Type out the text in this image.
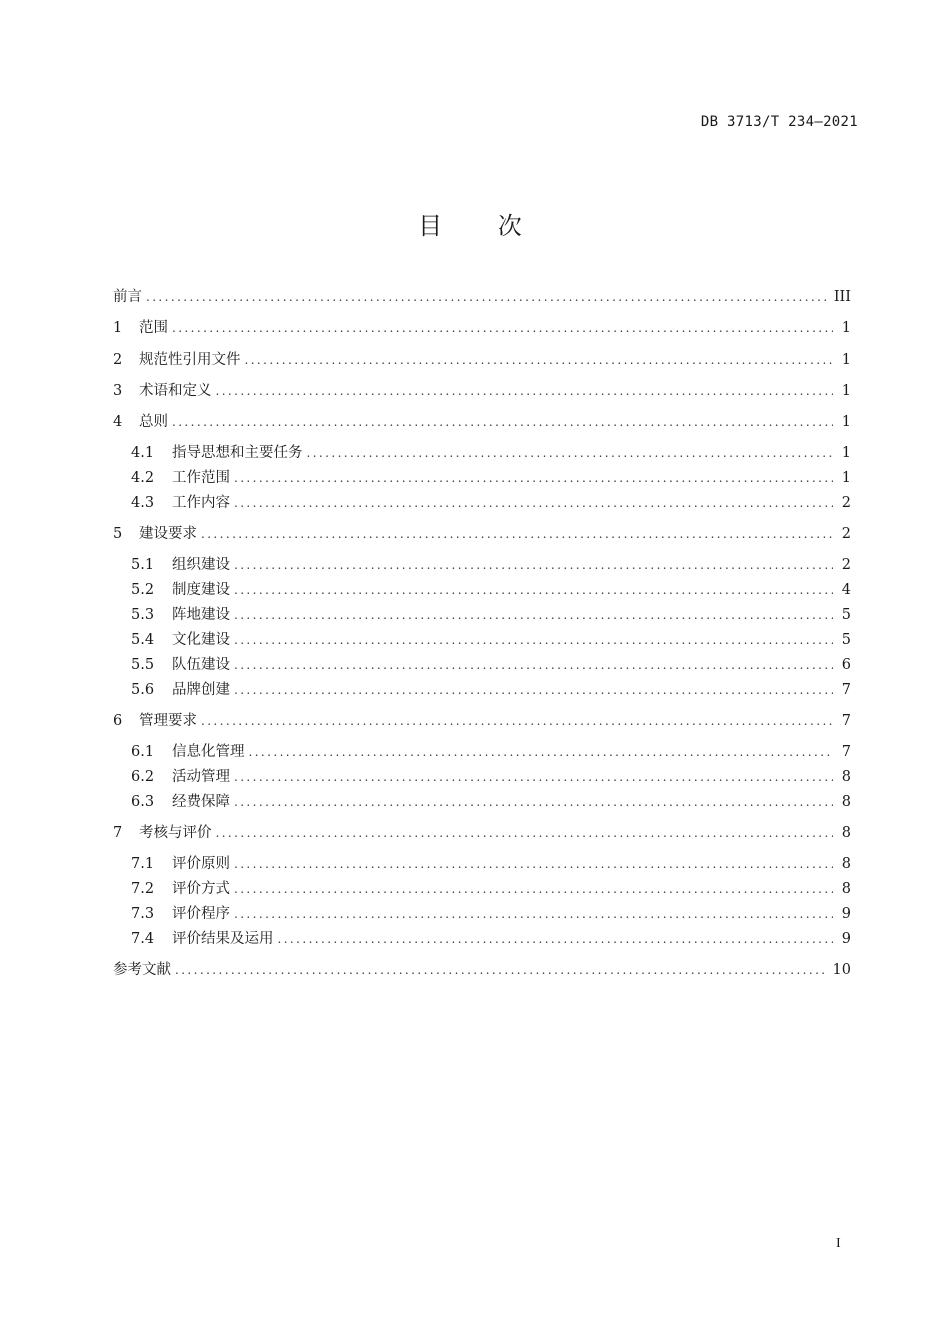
DB 3713/T 234—2021
目 次
前言 .....	III
1	范围 .....	1
2	规范性引用文件 .....	1
3	术语和定义 .....	1
4	总则 .....	1
4.1	指导思想和主要任务 .....	1
4.2	工作范围 .....	1
4.3	工作内容 .....	2
5	建设要求 .....	2
5.1	组织建设 .....	2
5.2	制度建设 .....	4
5.3	阵地建设 .....	5
5.4	文化建设 .....	5
5.5	队伍建设 .....	6
5.6	品牌创建 .....	7
6	管理要求 .....	7
6.1	信息化管理 .....	7
6.2	活动管理 .....	8
6.3	经费保障 .....	8
7	考核与评价 .....	8
7.1	评价原则 .....	8
7.2	评价方式 .....	8
7.3	评价程序 .....	9
7.4	评价结果及运用 .....	9
参考文献 .....	10
I
